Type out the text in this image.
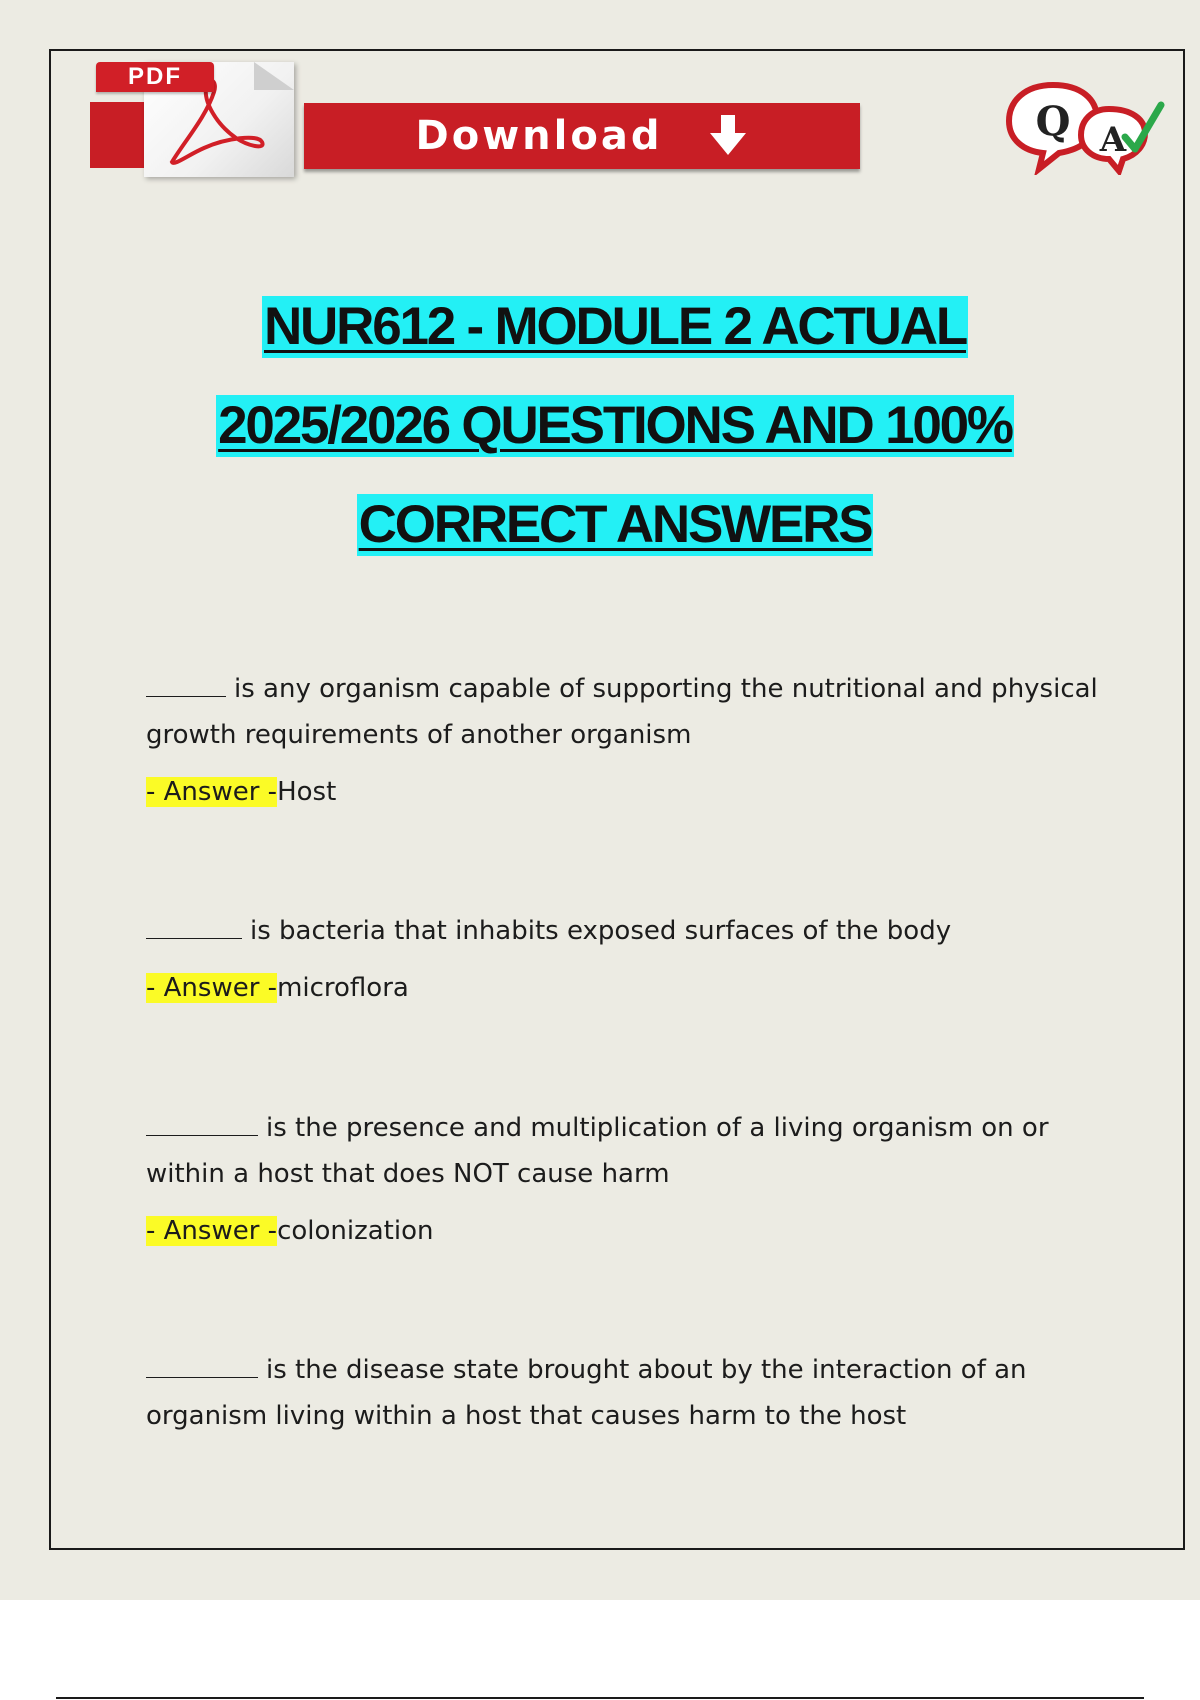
PDF
Download	Q A
NUR612 - MODULE 2 ACTUAL
2025/2026 QUESTIONS AND 100%
CORRECT ANSWERS

is any organism capable of supporting the nutritional and physical growth requirements of another organism

- Answer -Host

is bacteria that inhabits exposed surfaces of the body

- Answer -microflora

is the presence and multiplication of a living organism on or within a host that does NOT cause harm

- Answer -colonization

is the disease state brought about by the interaction of an organism living within a host that causes harm to the host
